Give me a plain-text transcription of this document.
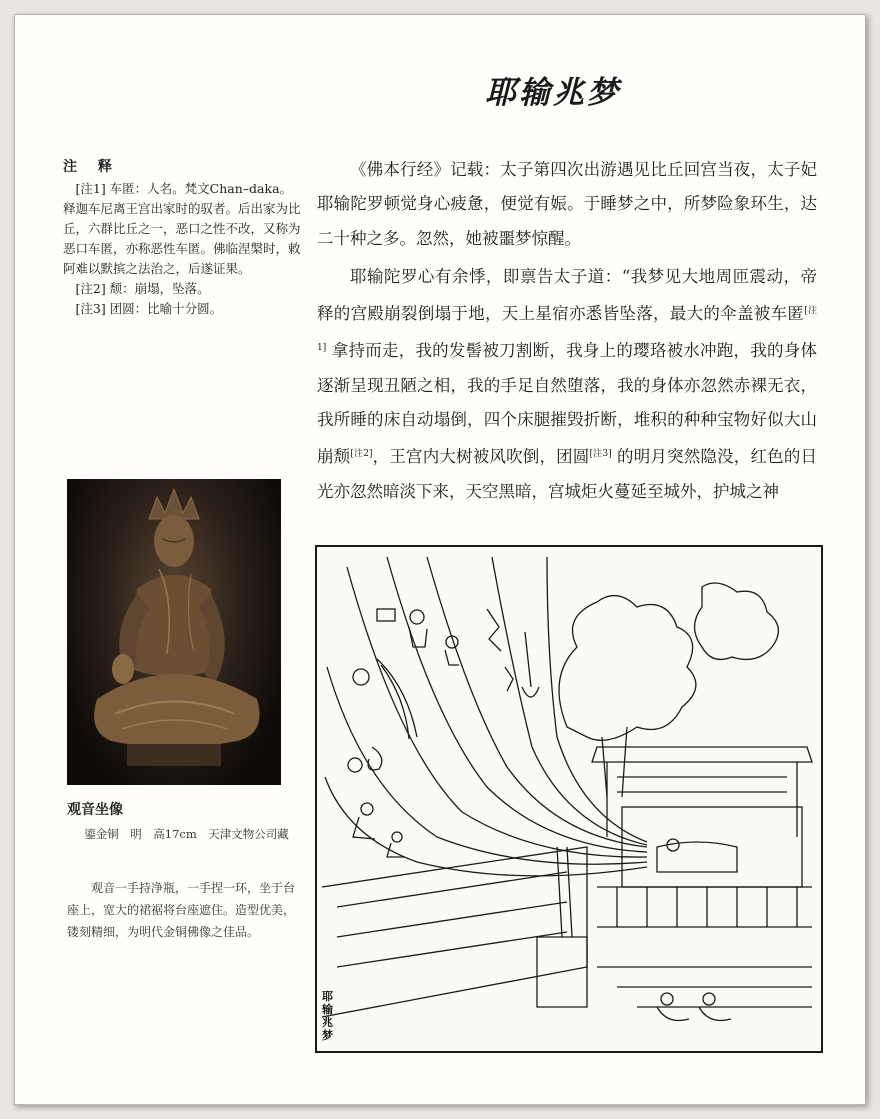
耶输兆梦
注 释

[注1] 车匿：人名。梵文Chan–daka。释迦车尼离王宫出家时的驭者。后出家为比丘，六群比丘之一，恶口之性不改，又称为恶口车匿，亦称恶性车匿。佛临涅槃时，敕阿难以默摈之法治之，后遂证果。

[注2] 颓：崩塌，坠落。

[注3] 团圆：比喻十分圆。

观音坐像
鎏金铜　明　高17cm　天津文物公司藏
观音一手持净瓶，一手捏一环，坐于台座上，宽大的裙裾将台座遮住。造型优美，镂刻精细，为明代金铜佛像之佳品。

《佛本行经》记载：太子第四次出游遇见比丘回宫当夜，太子妃耶输陀罗顿觉身心疲惫，便觉有娠。于睡梦之中，所梦险象环生，达二十种之多。忽然，她被噩梦惊醒。

耶输陀罗心有余悸，即禀告太子道：“我梦见大地周匝震动，帝释的宫殿崩裂倒塌于地，天上星宿亦悉皆坠落，最大的伞盖被车匿[注1] 拿持而走，我的发髻被刀割断，我身上的璎珞被水冲跑，我的身体逐渐呈现丑陋之相，我的手足自然堕落，我的身体亦忽然赤裸无衣，我所睡的床自动塌倒，四个床腿摧毁折断，堆积的种种宝物好似大山崩颓[注2]，王宫内大树被风吹倒，团圆[注3] 的明月突然隐没，红色的日光亦忽然暗淡下来，天空黑暗，宫城炬火蔓延至城外，护城之神

耶输兆梦
